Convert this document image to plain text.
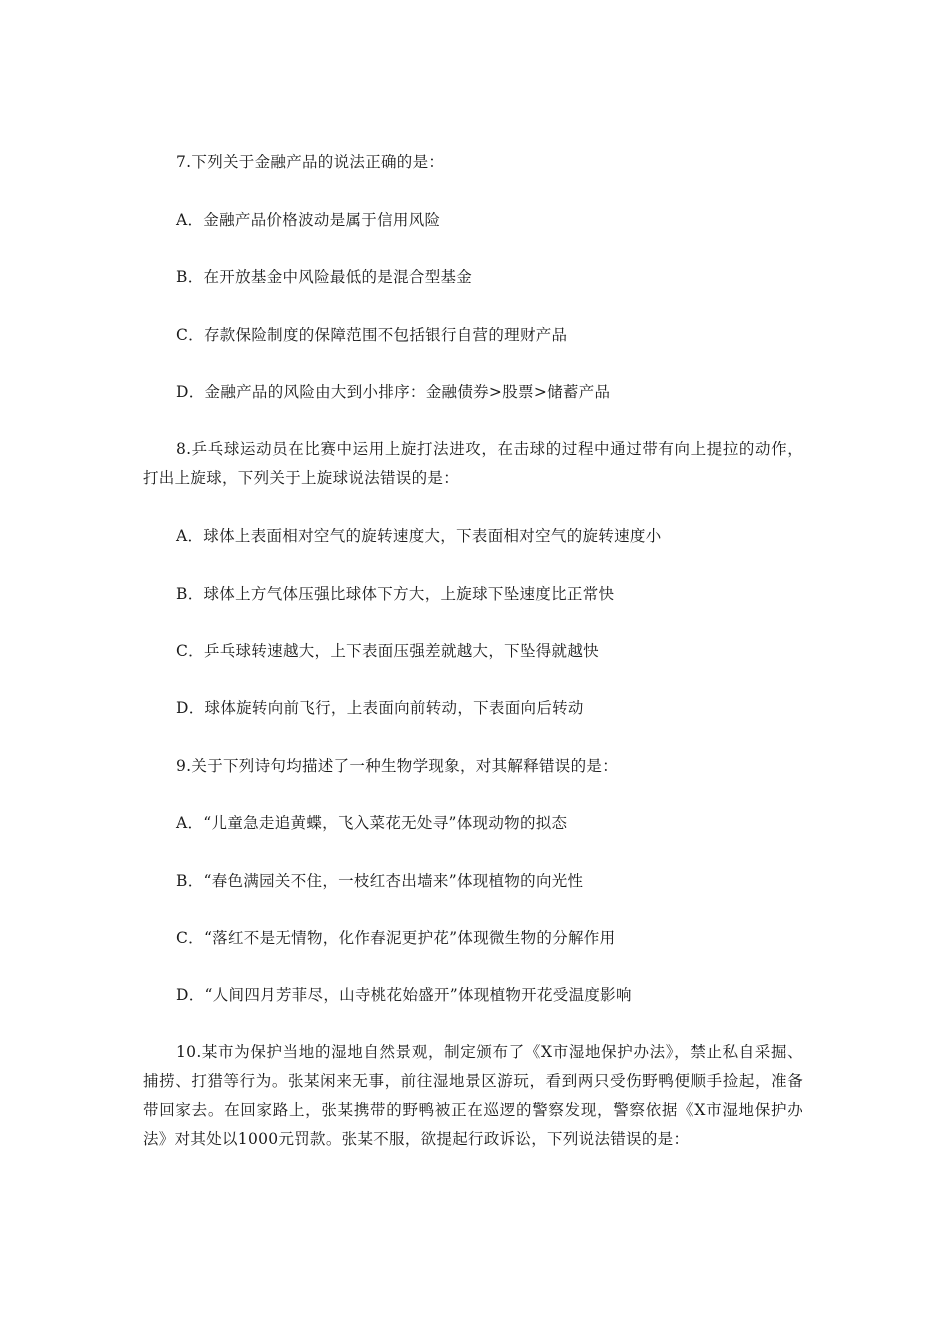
7.下列关于金融产品的说法正确的是：
A．金融产品价格波动是属于信用风险
B．在开放基金中风险最低的是混合型基金
C．存款保险制度的保障范围不包括银行自营的理财产品
D．金融产品的风险由大到小排序：金融债券>股票>储蓄产品
8.乒乓球运动员在比赛中运用上旋打法进攻，在击球的过程中通过带有向上提拉的动作，打出上旋球，下列关于上旋球说法错误的是：
A．球体上表面相对空气的旋转速度大，下表面相对空气的旋转速度小
B．球体上方气体压强比球体下方大，上旋球下坠速度比正常快
C．乒乓球转速越大，上下表面压强差就越大，下坠得就越快
D．球体旋转向前飞行，上表面向前转动，下表面向后转动
9.关于下列诗句均描述了一种生物学现象，对其解释错误的是：
A．“儿童急走追黄蝶，飞入菜花无处寻”体现动物的拟态
B．“春色满园关不住，一枝红杏出墙来”体现植物的向光性
C．“落红不是无情物，化作春泥更护花”体现微生物的分解作用
D．“人间四月芳菲尽，山寺桃花始盛开”体现植物开花受温度影响
10.某市为保护当地的湿地自然景观，制定颁布了《X市湿地保护办法》，禁止私自采掘、捕捞、打猎等行为。张某闲来无事，前往湿地景区游玩，看到两只受伤野鸭便顺手捡起，准备带回家去。在回家路上，张某携带的野鸭被正在巡逻的警察发现，警察依据《X市湿地保护办法》对其处以1000元罚款。张某不服，欲提起行政诉讼，下列说法错误的是：
